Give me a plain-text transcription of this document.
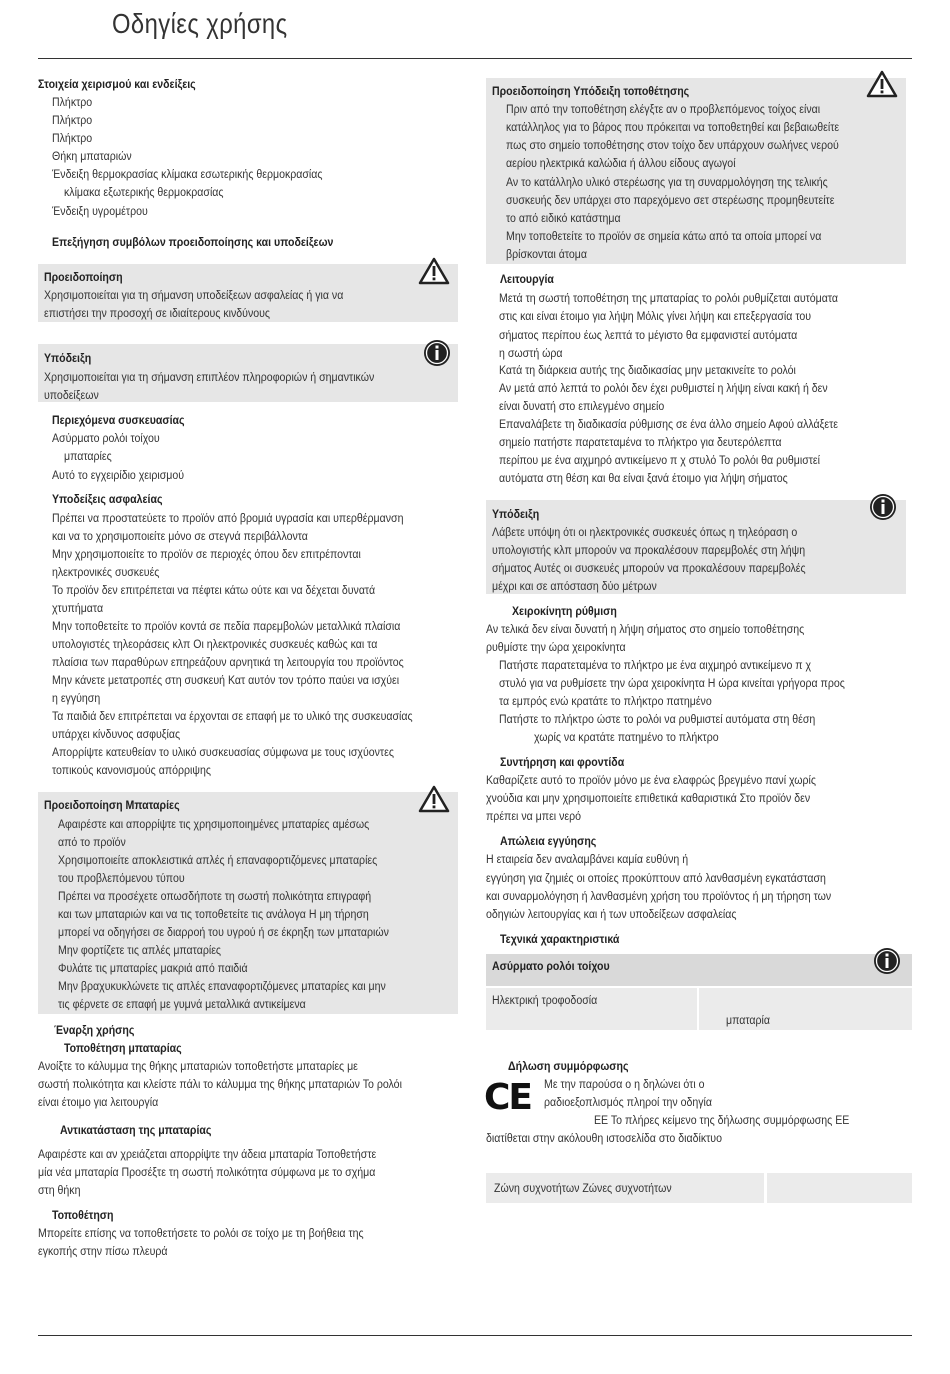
Οδηγίες χρήσης
Στοιχεία χειρισμού και ενδείξεις
Πλήκτρο
Πλήκτρο
Πλήκτρο
Θήκη μπαταριών
Ένδειξη θερμοκρασίας κλίμακα εσωτερικής θερμοκρασίας
κλίμακα εξωτερικής θερμοκρασίας
Ένδειξη υγρομέτρου
Επεξήγηση συμβόλων προειδοποίησης και υποδείξεων
Προειδοποίηση
Χρησιμοποιείται για τη σήμανση υποδείξεων ασφαλείας ή για να
επιστήσει την προσοχή σε ιδιαίτερους κινδύνους
Υπόδειξη
Χρησιμοποιείται για τη σήμανση επιπλέον πληροφοριών ή σημαντικών
υποδείξεων
Περιεχόμενα συσκευασίας
Ασύρματο ρολόι τοίχου
μπαταρίες
Αυτό το εγχειρίδιο χειρισμού
Υποδείξεις ασφαλείας
Πρέπει να προστατεύετε το προϊόν από βρομιά υγρασία και υπερθέρμανση
και να το χρησιμοποιείτε μόνο σε στεγνά περιβάλλοντα
Μην χρησιμοποιείτε το προϊόν σε περιοχές όπου δεν επιτρέπονται
ηλεκτρονικές συσκευές
Το προϊόν δεν επιτρέπεται να πέφτει κάτω ούτε και να δέχεται δυνατά
χτυπήματα
Μην τοποθετείτε το προϊόν κοντά σε πεδία παρεμβολών μεταλλικά πλαίσια
υπολογιστές τηλεοράσεις κλπ Οι ηλεκτρονικές συσκευές καθώς και τα
πλαίσια των παραθύρων επηρεάζουν αρνητικά τη λειτουργία του προϊόντος
Μην κάνετε μετατροπές στη συσκευή Κατ αυτόν τον τρόπο παύει να ισχύει
η εγγύηση
Τα παιδιά δεν επιτρέπεται να έρχονται σε επαφή με το υλικό της συσκευασίας
υπάρχει κίνδυνος ασφυξίας
Απορρίψτε κατευθείαν το υλικό συσκευασίας σύμφωνα με τους ισχύοντες
τοπικούς κανονισμούς απόρριψης
Προειδοποίηση Μπαταρίες
Αφαιρέστε και απορρίψτε τις χρησιμοποιημένες μπαταρίες αμέσως
από το προϊόν
Χρησιμοποιείτε αποκλειστικά απλές ή επαναφορτιζόμενες μπαταρίες
του προβλεπόμενου τύπου
Πρέπει να προσέχετε οπωσδήποτε τη σωστή πολικότητα επιγραφή
και των μπαταριών και να τις τοποθετείτε τις ανάλογα Η μη τήρηση
μπορεί να οδηγήσει σε διαρροή του υγρού ή σε έκρηξη των μπαταριών
Μην φορτίζετε τις απλές μπαταρίες
Φυλάτε τις μπαταρίες μακριά από παιδιά
Μην βραχυκυκλώνετε τις απλές επαναφορτιζόμενες μπαταρίες και μην
τις φέρνετε σε επαφή με γυμνά μεταλλικά αντικείμενα
Έναρξη χρήσης
Τοποθέτηση μπαταρίας
Ανοίξτε το κάλυμμα της θήκης μπαταριών τοποθετήστε μπαταρίες με
σωστή πολικότητα και κλείστε πάλι το κάλυμμα της θήκης μπαταριών Το ρολόι
είναι έτοιμο για λειτουργία
Αντικατάσταση της μπαταρίας
Αφαιρέστε και αν χρειάζεται απορρίψτε την άδεια μπαταρία Τοποθετήστε
μία νέα μπαταρία Προσέξτε τη σωστή πολικότητα σύμφωνα με το σχήμα
στη θήκη
Τοποθέτηση
Μπορείτε επίσης να τοποθετήσετε το ρολόι σε τοίχο με τη βοήθεια της
εγκοπής στην πίσω πλευρά
Προειδοποίηση Υπόδειξη τοποθέτησης
Πριν από την τοποθέτηση ελέγξτε αν ο προβλεπόμενος τοίχος είναι
κατάλληλος για το βάρος που πρόκειται να τοποθετηθεί και βεβαιωθείτε
πως στο σημείο τοποθέτησης στον τοίχο δεν υπάρχουν σωλήνες νερού
αερίου ηλεκτρικά καλώδια ή άλλου είδους αγωγοί
Αν το κατάλληλο υλικό στερέωσης για τη συναρμολόγηση της τελικής
συσκευής δεν υπάρχει στο παρεχόμενο σετ στερέωσης προμηθευτείτε
το από ειδικό κατάστημα
Μην τοποθετείτε το προϊόν σε σημεία κάτω από τα οποία μπορεί να
βρίσκονται άτομα
Λειτουργία
Μετά τη σωστή τοποθέτηση της μπαταρίας το ρολόι ρυθμίζεται αυτόματα
στις και είναι έτοιμο για λήψη Μόλις γίνει λήψη και επεξεργασία του
σήματος περίπου έως λεπτά το μέγιστο θα εμφανιστεί αυτόματα
η σωστή ώρα
Κατά τη διάρκεια αυτής της διαδικασίας μην μετακινείτε το ρολόι
Αν μετά από λεπτά το ρολόι δεν έχει ρυθμιστεί η λήψη είναι κακή ή δεν
είναι δυνατή στο επιλεγμένο σημείο
Επαναλάβετε τη διαδικασία ρύθμισης σε ένα άλλο σημείο Αφού αλλάξετε
σημείο πατήστε παρατεταμένα το πλήκτρο για δευτερόλεπτα
περίπου με ένα αιχμηρό αντικείμενο π χ στυλό Το ρολόι θα ρυθμιστεί
αυτόματα στη θέση και θα είναι ξανά έτοιμο για λήψη σήματος
Υπόδειξη
Λάβετε υπόψη ότι οι ηλεκτρονικές συσκευές όπως η τηλεόραση ο
υπολογιστής κλπ μπορούν να προκαλέσουν παρεμβολές στη λήψη
σήματος Αυτές οι συσκευές μπορούν να προκαλέσουν παρεμβολές
μέχρι και σε απόσταση δύο μέτρων
Χειροκίνητη ρύθμιση
Αν τελικά δεν είναι δυνατή η λήψη σήματος στο σημείο τοποθέτησης
ρυθμίστε την ώρα χειροκίνητα
Πατήστε παρατεταμένα το πλήκτρο με ένα αιχμηρό αντικείμενο π χ
στυλό για να ρυθμίσετε την ώρα χειροκίνητα Η ώρα κινείται γρήγορα προς
τα εμπρός ενώ κρατάτε το πλήκτρο πατημένο
Πατήστε το πλήκτρο ώστε το ρολόι να ρυθμιστεί αυτόματα στη θέση
χωρίς να κρατάτε πατημένο το πλήκτρο
Συντήρηση και φροντίδα
Καθαρίζετε αυτό το προϊόν μόνο με ένα ελαφρώς βρεγμένο πανί χωρίς
χνούδια και μην χρησιμοποιείτε επιθετικά καθαριστικά Στο προϊόν δεν
πρέπει να μπει νερό
Απώλεια εγγύησης
Η εταιρεία δεν αναλαμβάνει καμία ευθύνη ή
εγγύηση για ζημιές οι οποίες προκύπτουν από λανθασμένη εγκατάσταση
και συναρμολόγηση ή λανθασμένη χρήση του προϊόντος ή μη τήρηση των
οδηγιών λειτουργίας και ή των υποδείξεων ασφαλείας
Τεχνικά χαρακτηριστικά
Ασύρματο ρολόι τοίχου
Ηλεκτρική τροφοδοσία
μπαταρία
Δήλωση συμμόρφωσης
CE Με την παρούσα ο η δηλώνει ότι ο
ραδιοεξοπλισμός πληροί την οδηγία
ΕΕ Το πλήρες κείμενο της δήλωσης συμμόρφωσης ΕΕ
διατίθεται στην ακόλουθη ιστοσελίδα στο διαδίκτυο
Ζώνη συχνοτήτων Ζώνες συχνοτήτων
